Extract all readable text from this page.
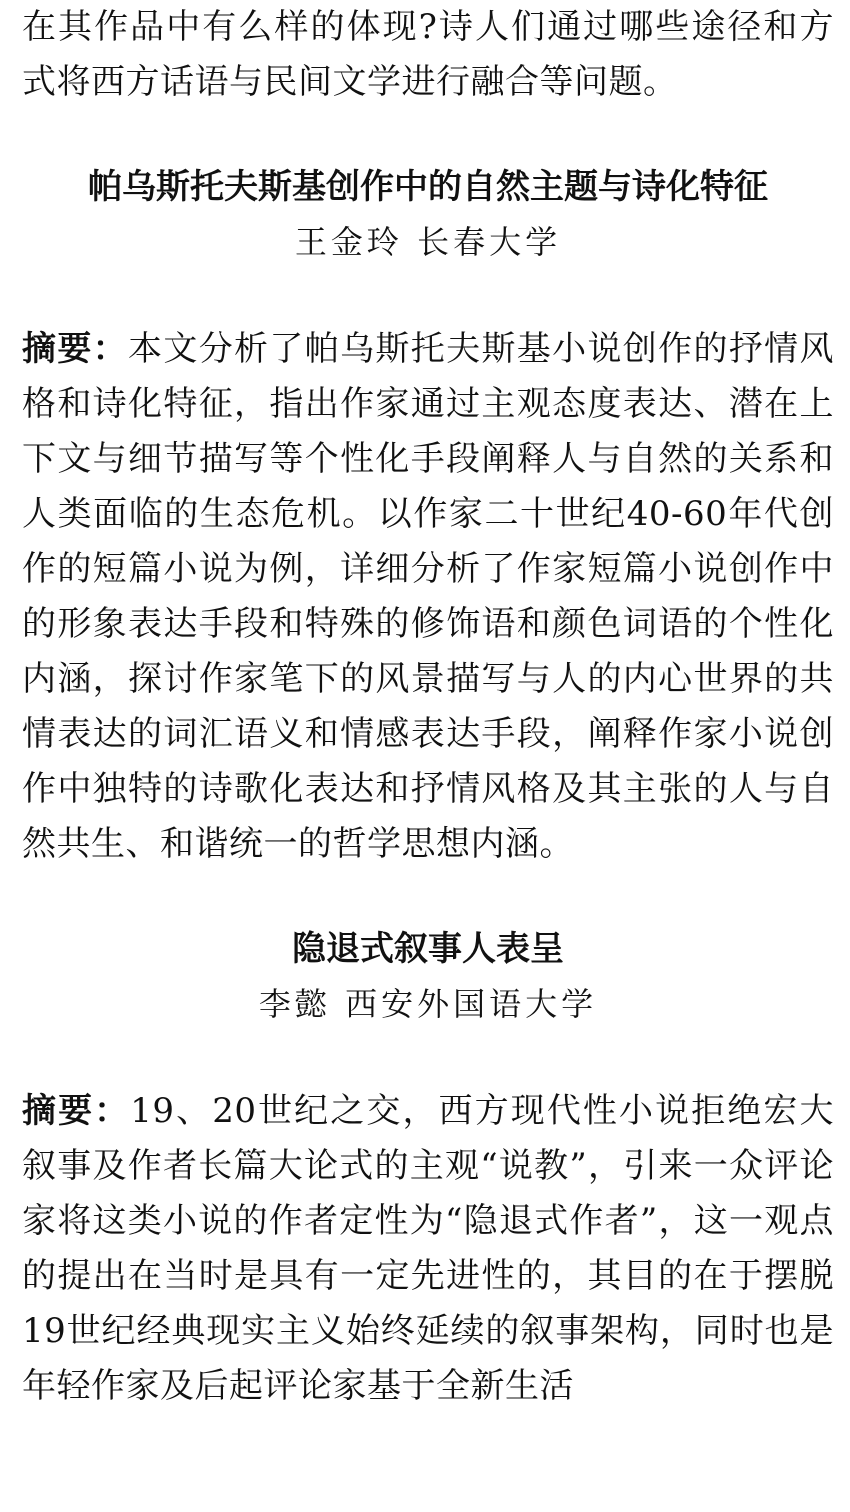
在其作品中有么样的体现?诗人们通过哪些途径和方式将西方话语与民间文学进行融合等问题。

帕乌斯托夫斯基创作中的自然主题与诗化特征

王金玲 长春大学

摘要：本文分析了帕乌斯托夫斯基小说创作的抒情风格和诗化特征，指出作家通过主观态度表达、潜在上下文与细节描写等个性化手段阐释人与自然的关系和人类面临的生态危机。以作家二十世纪40-60年代创作的短篇小说为例，详细分析了作家短篇小说创作中的形象表达手段和特殊的修饰语和颜色词语的个性化内涵，探讨作家笔下的风景描写与人的内心世界的共情表达的词汇语义和情感表达手段，阐释作家小说创作中独特的诗歌化表达和抒情风格及其主张的人与自然共生、和谐统一的哲学思想内涵。

隐退式叙事人表呈

李懿 西安外国语大学

摘要：19、20世纪之交，西方现代性小说拒绝宏大叙事及作者长篇大论式的主观“说教”，引来一众评论家将这类小说的作者定性为“隐退式作者”，这一观点的提出在当时是具有一定先进性的，其目的在于摆脱19世纪经典现实主义始终延续的叙事架构，同时也是年轻作家及后起评论家基于全新生活
